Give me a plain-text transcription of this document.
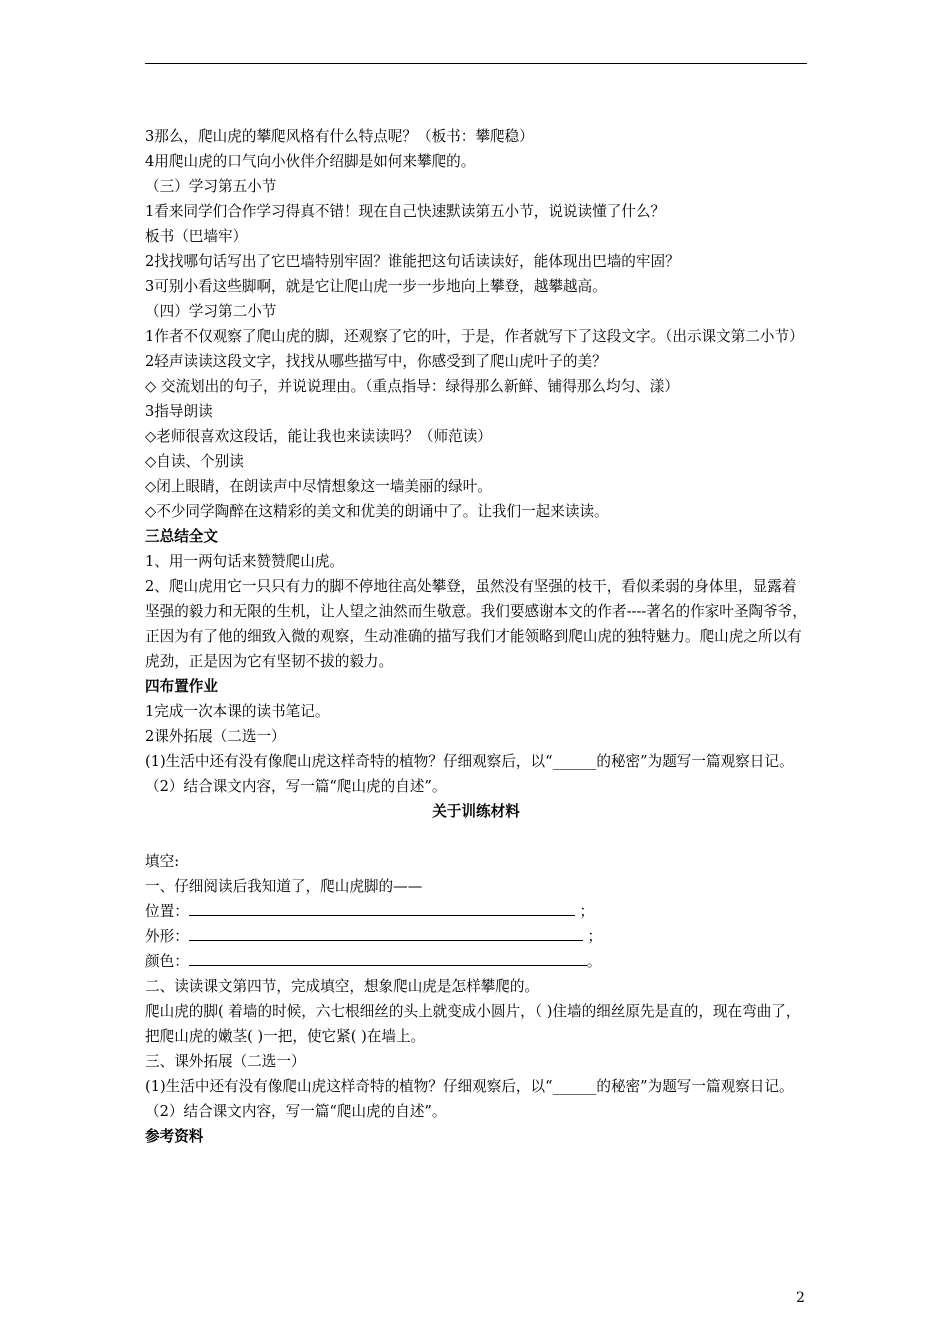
3那么，爬山虎的攀爬风格有什么特点呢？（板书：攀爬稳）
4用爬山虎的口气向小伙伴介绍脚是如何来攀爬的。
（三）学习第五小节
1看来同学们合作学习得真不错！现在自己快速默读第五小节，说说读懂了什么？
板书（巴墙牢）
2找找哪句话写出了它巴墙特别牢固？谁能把这句话读读好，能体现出巴墙的牢固？
3可别小看这些脚啊，就是它让爬山虎一步一步地向上攀登，越攀越高。
（四）学习第二小节
1作者不仅观察了爬山虎的脚，还观察了它的叶，于是，作者就写下了这段文字。（出示课文第二小节）
2轻声读读这段文字，找找从哪些描写中，你感受到了爬山虎叶子的美？
◇ 交流划出的句子，并说说理由。（重点指导：绿得那么新鲜、铺得那么均匀、漾）
3指导朗读
◇老师很喜欢这段话，能让我也来读读吗？（师范读）
◇自读、个别读
◇闭上眼睛，在朗读声中尽情想象这一墙美丽的绿叶。
◇不少同学陶醉在这精彩的美文和优美的朗诵中了。让我们一起来读读。
三总结全文
1、用一两句话来赞赞爬山虎。
2、爬山虎用它一只只有力的脚不停地往高处攀登，虽然没有坚强的枝干，看似柔弱的身体里，显露着坚强的毅力和无限的生机，让人望之油然而生敬意。我们要感谢本文的作者----著名的作家叶圣陶爷爷，正因为有了他的细致入微的观察，生动准确的描写我们才能领略到爬山虎的独特魅力。爬山虎之所以有虎劲，正是因为它有坚韧不拔的毅力。
四布置作业
1完成一次本课的读书笔记。
2课外拓展（二选一）
(1)生活中还有没有像爬山虎这样奇特的植物？仔细观察后，以“______的秘密”为题写一篇观察日记。
（2）结合课文内容，写一篇“爬山虎的自述”。
关于训练材料
填空:
一、仔细阅读后我知道了，爬山虎脚的——
位置：	；
外形：	；
颜色：	。
二、读读课文第四节，完成填空，想象爬山虎是怎样攀爬的。
爬山虎的脚( 着墙的时候，六七根细丝的头上就变成小圆片，（ )住墙的细丝原先是直的，现在弯曲了，把爬山虎的嫩茎( )一把，使它紧( )在墙上。
三、课外拓展（二选一）
(1)生活中还有没有像爬山虎这样奇特的植物？仔细观察后，以“______的秘密”为题写一篇观察日记。
（2）结合课文内容，写一篇“爬山虎的自述”。
参考资料
2
